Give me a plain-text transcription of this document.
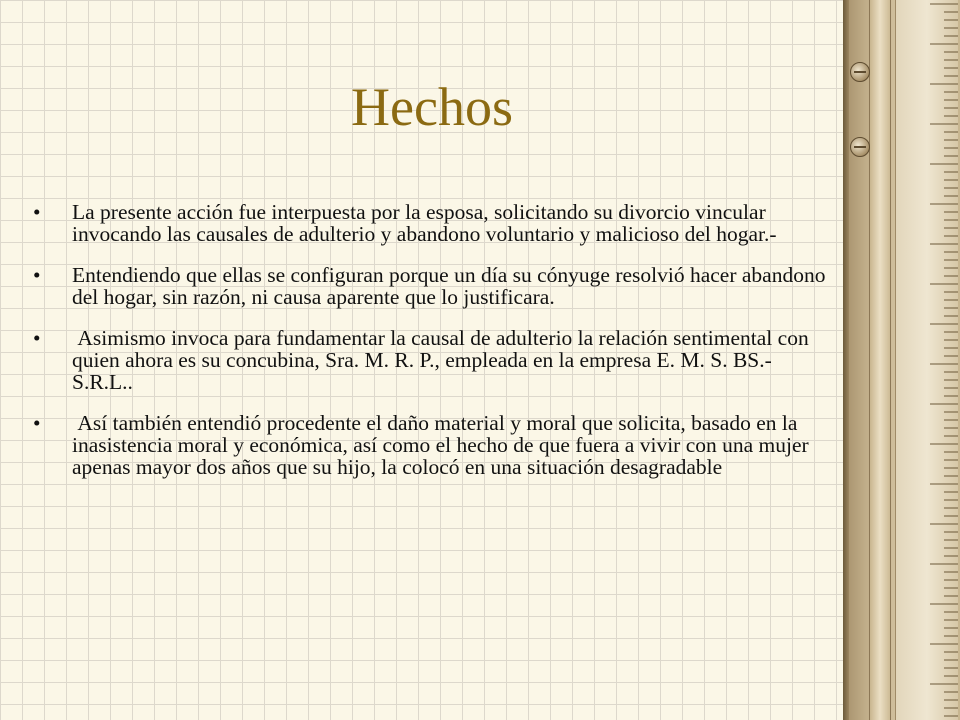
Hechos
• La presente acción fue interpuesta por la esposa, solicitando su divorcio vincular invocando las causales de adulterio y abandono voluntario y malicioso del hogar.-
• Entendiendo que ellas se configuran porque un día su cónyuge resolvió hacer abandono del hogar, sin razón, ni causa aparente que lo justificara.
• Asimismo invoca para fundamentar la causal de adulterio la relación sentimental con quien ahora es su concubina, Sra. M. R. P., empleada en la empresa E. M. S. BS.- S.R.L..
• Así también entendió procedente el daño material y moral que solicita, basado en la inasistencia moral y económica, así como el hecho de que fuera a vivir con una mujer apenas mayor dos años que su hijo, la colocó en una situación desagradable
